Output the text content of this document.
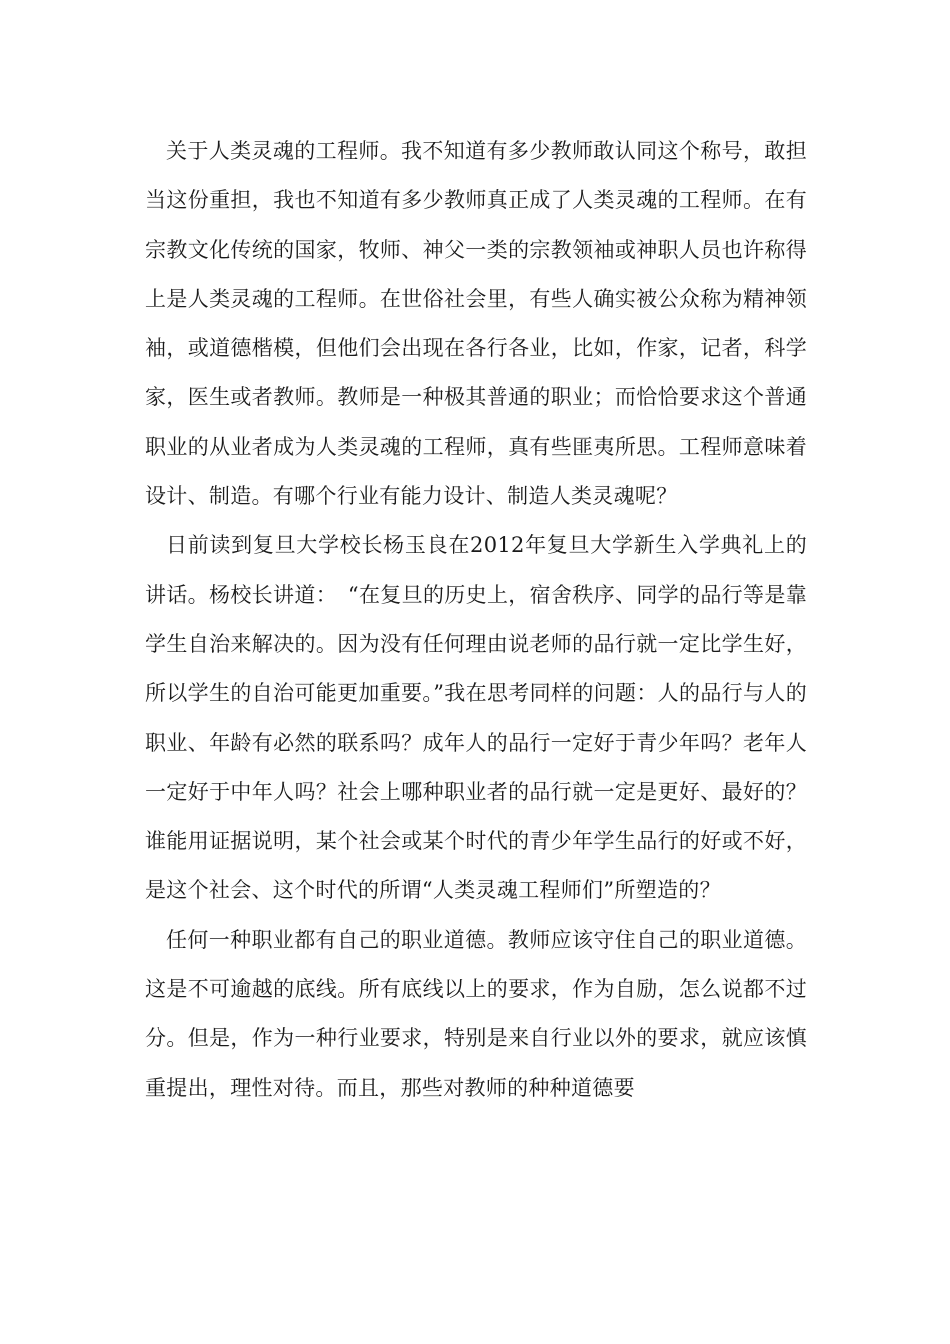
关于人类灵魂的工程师。我不知道有多少教师敢认同这个称号，敢担当这份重担，我也不知道有多少教师真正成了人类灵魂的工程师。在有宗教文化传统的国家，牧师、神父一类的宗教领袖或神职人员也许称得上是人类灵魂的工程师。在世俗社会里，有些人确实被公众称为精神领袖，或道德楷模，但他们会出现在各行各业，比如，作家，记者，科学家，医生或者教师。教师是一种极其普通的职业；而恰恰要求这个普通职业的从业者成为人类灵魂的工程师，真有些匪夷所思。工程师意味着设计、制造。有哪个行业有能力设计、制造人类灵魂呢？

日前读到复旦大学校长杨玉良在2012年复旦大学新生入学典礼上的讲话。杨校长讲道：　“在复旦的历史上，宿舍秩序、同学的品行等是靠学生自治来解决的。因为没有任何理由说老师的品行就一定比学生好，所以学生的自治可能更加重要。”我在思考同样的问题：人的品行与人的职业、年龄有必然的联系吗？成年人的品行一定好于青少年吗？老年人一定好于中年人吗？社会上哪种职业者的品行就一定是更好、最好的？谁能用证据说明，某个社会或某个时代的青少年学生品行的好或不好，是这个社会、这个时代的所谓“人类灵魂工程师们”所塑造的？

任何一种职业都有自己的职业道德。教师应该守住自己的职业道德。这是不可逾越的底线。所有底线以上的要求，作为自励，怎么说都不过分。但是，作为一种行业要求，特别是来自行业以外的要求，就应该慎重提出，理性对待。而且，那些对教师的种种道德要
